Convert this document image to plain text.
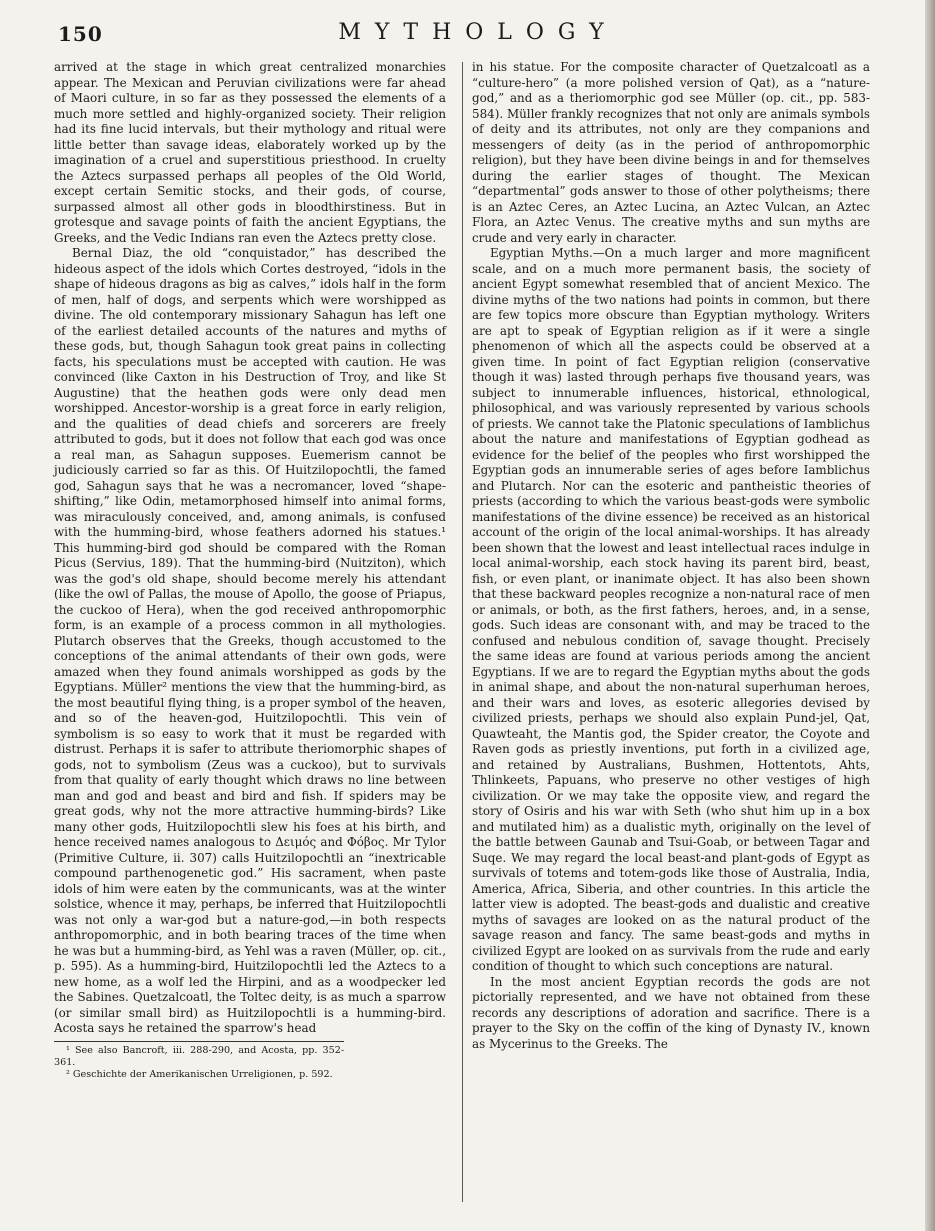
150	MYTHOLOGY

arrived at the stage in which great centralized monarchies appear. The Mexican and Peruvian civilizations were far ahead of Maori culture, in so far as they possessed the elements of a much more settled and highly-organized society. Their religion had its fine lucid intervals, but their mythology and ritual were little better than savage ideas, elaborately worked up by the imagination of a cruel and superstitious priesthood. In cruelty the Aztecs surpassed perhaps all peoples of the Old World, except certain Semitic stocks, and their gods, of course, surpassed almost all other gods in bloodthirstiness. But in grotesque and savage points of faith the ancient Egyptians, the Greeks, and the Vedic Indians ran even the Aztecs pretty close.

Bernal Diaz, the old “conquistador,” has described the hideous aspect of the idols which Cortes destroyed, “idols in the shape of hideous dragons as big as calves,” idols half in the form of men, half of dogs, and serpents which were worshipped as divine. The old contemporary missionary Sahagun has left one of the earliest detailed accounts of the natures and myths of these gods, but, though Sahagun took great pains in collecting facts, his speculations must be accepted with caution. He was convinced (like Caxton in his Destruction of Troy, and like St Augustine) that the heathen gods were only dead men worshipped. Ancestor-worship is a great force in early religion, and the qualities of dead chiefs and sorcerers are freely attributed to gods, but it does not follow that each god was once a real man, as Sahagun supposes. Euemerism cannot be judiciously carried so far as this. Of Huitzilopochtli, the famed god, Sahagun says that he was a necromancer, loved “shape-shifting,” like Odin, metamorphosed himself into animal forms, was miraculously conceived, and, among animals, is confused with the humming-bird, whose feathers adorned his statues.¹ This humming-bird god should be compared with the Roman Picus (Servius, 189). That the humming-bird (Nuitziton), which was the god's old shape, should become merely his attendant (like the owl of Pallas, the mouse of Apollo, the goose of Priapus, the cuckoo of Hera), when the god received anthropomorphic form, is an example of a process common in all mythologies. Plutarch observes that the Greeks, though accustomed to the conceptions of the animal attendants of their own gods, were amazed when they found animals worshipped as gods by the Egyptians. Müller² mentions the view that the humming-bird, as the most beautiful flying thing, is a proper symbol of the heaven, and so of the heaven-god, Huitzilopochtli. This vein of symbolism is so easy to work that it must be regarded with distrust. Perhaps it is safer to attribute theriomorphic shapes of gods, not to symbolism (Zeus was a cuckoo), but to survivals from that quality of early thought which draws no line between man and god and beast and bird and fish. If spiders may be great gods, why not the more attractive humming-birds? Like many other gods, Huitzilopochtli slew his foes at his birth, and hence received names analogous to Δειμός and Φόβος. Mr Tylor (Primitive Culture, ii. 307) calls Huitzilopochtli an “inextricable compound parthenogenetic god.” His sacrament, when paste idols of him were eaten by the communicants, was at the winter solstice, whence it may, perhaps, be inferred that Huitzilopochtli was not only a war-god but a nature-god,—in both respects anthropomorphic, and in both bearing traces of the time when he was but a humming-bird, as Yehl was a raven (Müller, op. cit., p. 595). As a humming-bird, Huitzilopochtli led the Aztecs to a new home, as a wolf led the Hirpini, and as a woodpecker led the Sabines. Quetzalcoatl, the Toltec deity, is as much a sparrow (or similar small bird) as Huitzilopochtli is a humming-bird. Acosta says he retained the sparrow's head

¹ See also Bancroft, iii. 288-290, and Acosta, pp. 352-361.
² Geschichte der Amerikanischen Urreligionen, p. 592.

in his statue. For the composite character of Quetzalcoatl as a “culture-hero” (a more polished version of Qat), as a “nature-god,” and as a theriomorphic god see Müller (op. cit., pp. 583-584). Müller frankly recognizes that not only are animals symbols of deity and its attributes, not only are they companions and messengers of deity (as in the period of anthropomorphic religion), but they have been divine beings in and for themselves during the earlier stages of thought. The Mexican “departmental” gods answer to those of other polytheisms; there is an Aztec Ceres, an Aztec Lucina, an Aztec Vulcan, an Aztec Flora, an Aztec Venus. The creative myths and sun myths are crude and very early in character.

Egyptian Myths.—On a much larger and more magnificent scale, and on a much more permanent basis, the society of ancient Egypt somewhat resembled that of ancient Mexico. The divine myths of the two nations had points in common, but there are few topics more obscure than Egyptian mythology. Writers are apt to speak of Egyptian religion as if it were a single phenomenon of which all the aspects could be observed at a given time. In point of fact Egyptian religion (conservative though it was) lasted through perhaps five thousand years, was subject to innumerable influences, historical, ethnological, philosophical, and was variously represented by various schools of priests. We cannot take the Platonic speculations of Iamblichus about the nature and manifestations of Egyptian godhead as evidence for the belief of the peoples who first worshipped the Egyptian gods an innumerable series of ages before Iamblichus and Plutarch. Nor can the esoteric and pantheistic theories of priests (according to which the various beast-gods were symbolic manifestations of the divine essence) be received as an historical account of the origin of the local animal-worships. It has already been shown that the lowest and least intellectual races indulge in local animal-worship, each stock having its parent bird, beast, fish, or even plant, or inanimate object. It has also been shown that these backward peoples recognize a non-natural race of men or animals, or both, as the first fathers, heroes, and, in a sense, gods. Such ideas are consonant with, and may be traced to the confused and nebulous condition of, savage thought. Precisely the same ideas are found at various periods among the ancient Egyptians. If we are to regard the Egyptian myths about the gods in animal shape, and about the non-natural superhuman heroes, and their wars and loves, as esoteric allegories devised by civilized priests, perhaps we should also explain Pund-jel, Qat, Quawteaht, the Mantis god, the Spider creator, the Coyote and Raven gods as priestly inventions, put forth in a civilized age, and retained by Australians, Bushmen, Hottentots, Ahts, Thlinkeets, Papuans, who preserve no other vestiges of high civilization. Or we may take the opposite view, and regard the story of Osiris and his war with Seth (who shut him up in a box and mutilated him) as a dualistic myth, originally on the level of the battle between Gaunab and Tsui-Goab, or between Tagar and Suqe. We may regard the local beast-and plant-gods of Egypt as survivals of totems and totem-gods like those of Australia, India, America, Africa, Siberia, and other countries. In this article the latter view is adopted. The beast-gods and dualistic and creative myths of savages are looked on as the natural product of the savage reason and fancy. The same beast-gods and myths in civilized Egypt are looked on as survivals from the rude and early condition of thought to which such conceptions are natural.

In the most ancient Egyptian records the gods are not pictorially represented, and we have not obtained from these records any descriptions of adoration and sacrifice. There is a prayer to the Sky on the coffin of the king of Dynasty IV., known as Mycerinus to the Greeks. The
